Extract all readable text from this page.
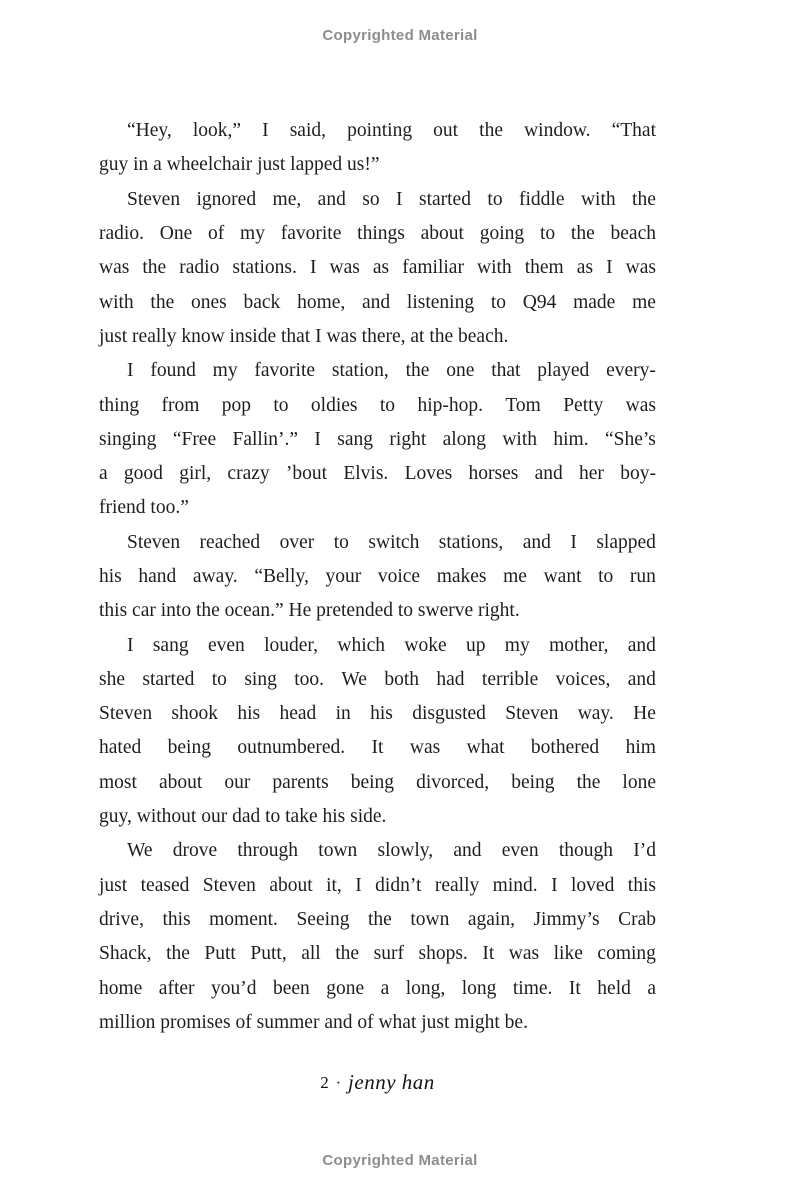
Copyrighted Material
“Hey, look,” I said, pointing out the window. “That
guy in a wheelchair just lapped us!”
Steven ignored me, and so I started to fiddle with the
radio. One of my favorite things about going to the beach
was the radio stations. I was as familiar with them as I was
with the ones back home, and listening to Q94 made me
just really know inside that I was there, at the beach.
I found my favorite station, the one that played every-
thing from pop to oldies to hip-hop. Tom Petty was
singing “Free Fallin’.” I sang right along with him. “She’s
a good girl, crazy ’bout Elvis. Loves horses and her boy-
friend too.”
Steven reached over to switch stations, and I slapped
his hand away. “Belly, your voice makes me want to run
this car into the ocean.” He pretended to swerve right.
I sang even louder, which woke up my mother, and
she started to sing too. We both had terrible voices, and
Steven shook his head in his disgusted Steven way. He
hated being outnumbered. It was what bothered him
most about our parents being divorced, being the lone
guy, without our dad to take his side.
We drove through town slowly, and even though I’d
just teased Steven about it, I didn’t really mind. I loved this
drive, this moment. Seeing the town again, Jimmy’s Crab
Shack, the Putt Putt, all the surf shops. It was like coming
home after you’d been gone a long, long time. It held a
million promises of summer and of what just might be.
2 · jenny han
Copyrighted Material
